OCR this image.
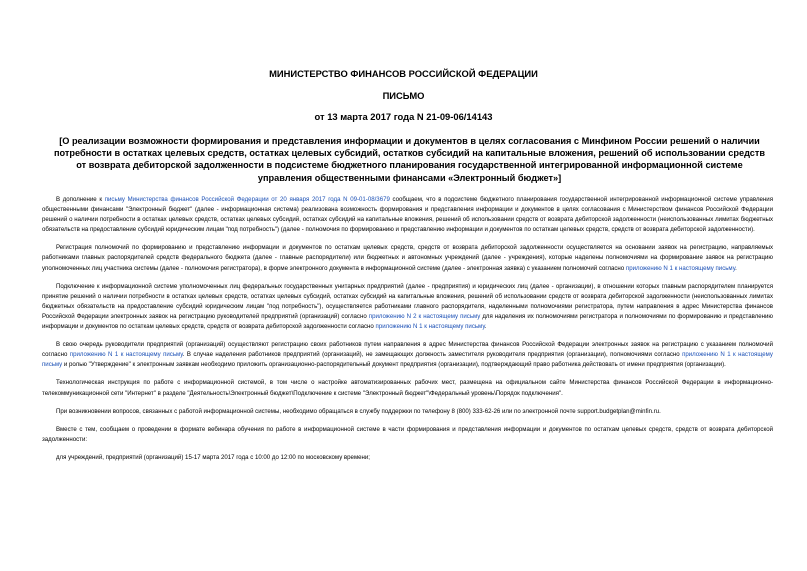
МИНИСТЕРСТВО ФИНАНСОВ РОССИЙСКОЙ ФЕДЕРАЦИИ

ПИСЬМО

от 13 марта 2017 года N 21-09-06/14143

[О реализации возможности формирования и представления информации и документов в целях согласования с Минфином России решений о наличии потребности в остатках целевых средств, остатках целевых субсидий, остатков субсидий на капитальные вложения, решений об использовании средств от возврата дебиторской задолженности в подсистеме бюджетного планирования государственной интегрированной информационной системе управления общественными финансами «Электронный бюджет»]

В дополнение к письму Министерства финансов Российской Федерации от 20 января 2017 года N 09-01-08/3679 сообщаем, что в подсистеме бюджетного планирования государственной интегрированной информационной системе управления общественными финансами "Электронный бюджет" (далее - информационная система) реализована возможность формирования и представления информации и документов в целях согласования с Министерством финансов Российской Федерации решений о наличии потребности в остатках целевых средств, остатках целевых субсидий, остатках субсидий на капитальные вложения, решений об использовании средств от возврата дебиторской задолженности (неиспользованных лимитах бюджетных обязательств на предоставление субсидий юридическим лицам "под потребность") (далее - полномочия по формированию и представлению информации и документов по остаткам целевых средств, средств от возврата дебиторской задолженности).

Регистрация полномочий по формированию и представлению информации и документов по остаткам целевых средств, средств от возврата дебиторской задолженности осуществляется на основании заявок на регистрацию, направляемых работниками главных распорядителей средств федерального бюджета (далее - главные распорядители) или бюджетных и автономных учреждений (далее - учреждения), которые наделены полномочиями на формирование заявок на регистрацию уполномоченных лиц участника системы (далее - полномочия регистратора), в форме электронного документа в информационной системе (далее - электронная заявка) с указанием полномочий согласно приложению N 1 к настоящему письму.

Подключение к информационной системе уполномоченных лиц федеральных государственных унитарных предприятий (далее - предприятия) и юридических лиц (далее - организации), в отношении которых главным распорядителем планируется принятие решений о наличии потребности в остатках целевых средств, остатках целевых субсидий, остатках субсидий на капитальные вложения, решений об использовании средств от возврата дебиторской задолженности (неиспользованных лимитах бюджетных обязательств на предоставление субсидий юридическим лицам "под потребность"), осуществляется работниками главного распорядителя, наделенными полномочиями регистратора, путем направления в адрес Министерства финансов Российской Федерации электронных заявок на регистрацию руководителей предприятий (организаций) согласно приложению N 2 к настоящему письму для наделения их полномочиями регистратора и полномочиями по формированию и представлению информации и документов по остаткам целевых средств, средств от возврата дебиторской задолженности согласно приложению N 1 к настоящему письму.

В свою очередь руководители предприятий (организаций) осуществляют регистрацию своих работников путем направления в адрес Министерства финансов Российской Федерации электронных заявок на регистрацию с указанием полномочий согласно приложению N 1 к настоящему письму. В случае наделения работников предприятий (организаций), не замещающих должность заместителя руководителя предприятия (организации), полномочиями согласно приложению N 1 к настоящему письму и ролью "Утверждение" к электронным заявкам необходимо приложить организационно-распорядительный документ предприятия (организации), подтверждающий право работника действовать от имени предприятия (организации).

Технологическая инструкция по работе с информационной системой, в том числе о настройке автоматизированных рабочих мест, размещена на официальном сайте Министерства финансов Российской Федерации в информационно-телекоммуникационной сети "Интернет" в разделе "Деятельность\Электронный бюджет\Подключение к системе "Электронный бюджет"\Федеральный уровень\Порядок подключения".

При возникновении вопросов, связанных с работой информационной системы, необходимо обращаться в службу поддержки по телефону 8 (800) 333-62-26 или по электронной почте support.budgetplan@minfin.ru.

Вместе с тем, сообщаем о проведении в формате вебинара обучения по работе в информационной системе в части формирования и представления информации и документов по остаткам целевых средств, средств от возврата дебиторской задолженности:

для учреждений, предприятий (организаций) 15-17 марта 2017 года с 10:00 до 12:00 по московскому времени;
